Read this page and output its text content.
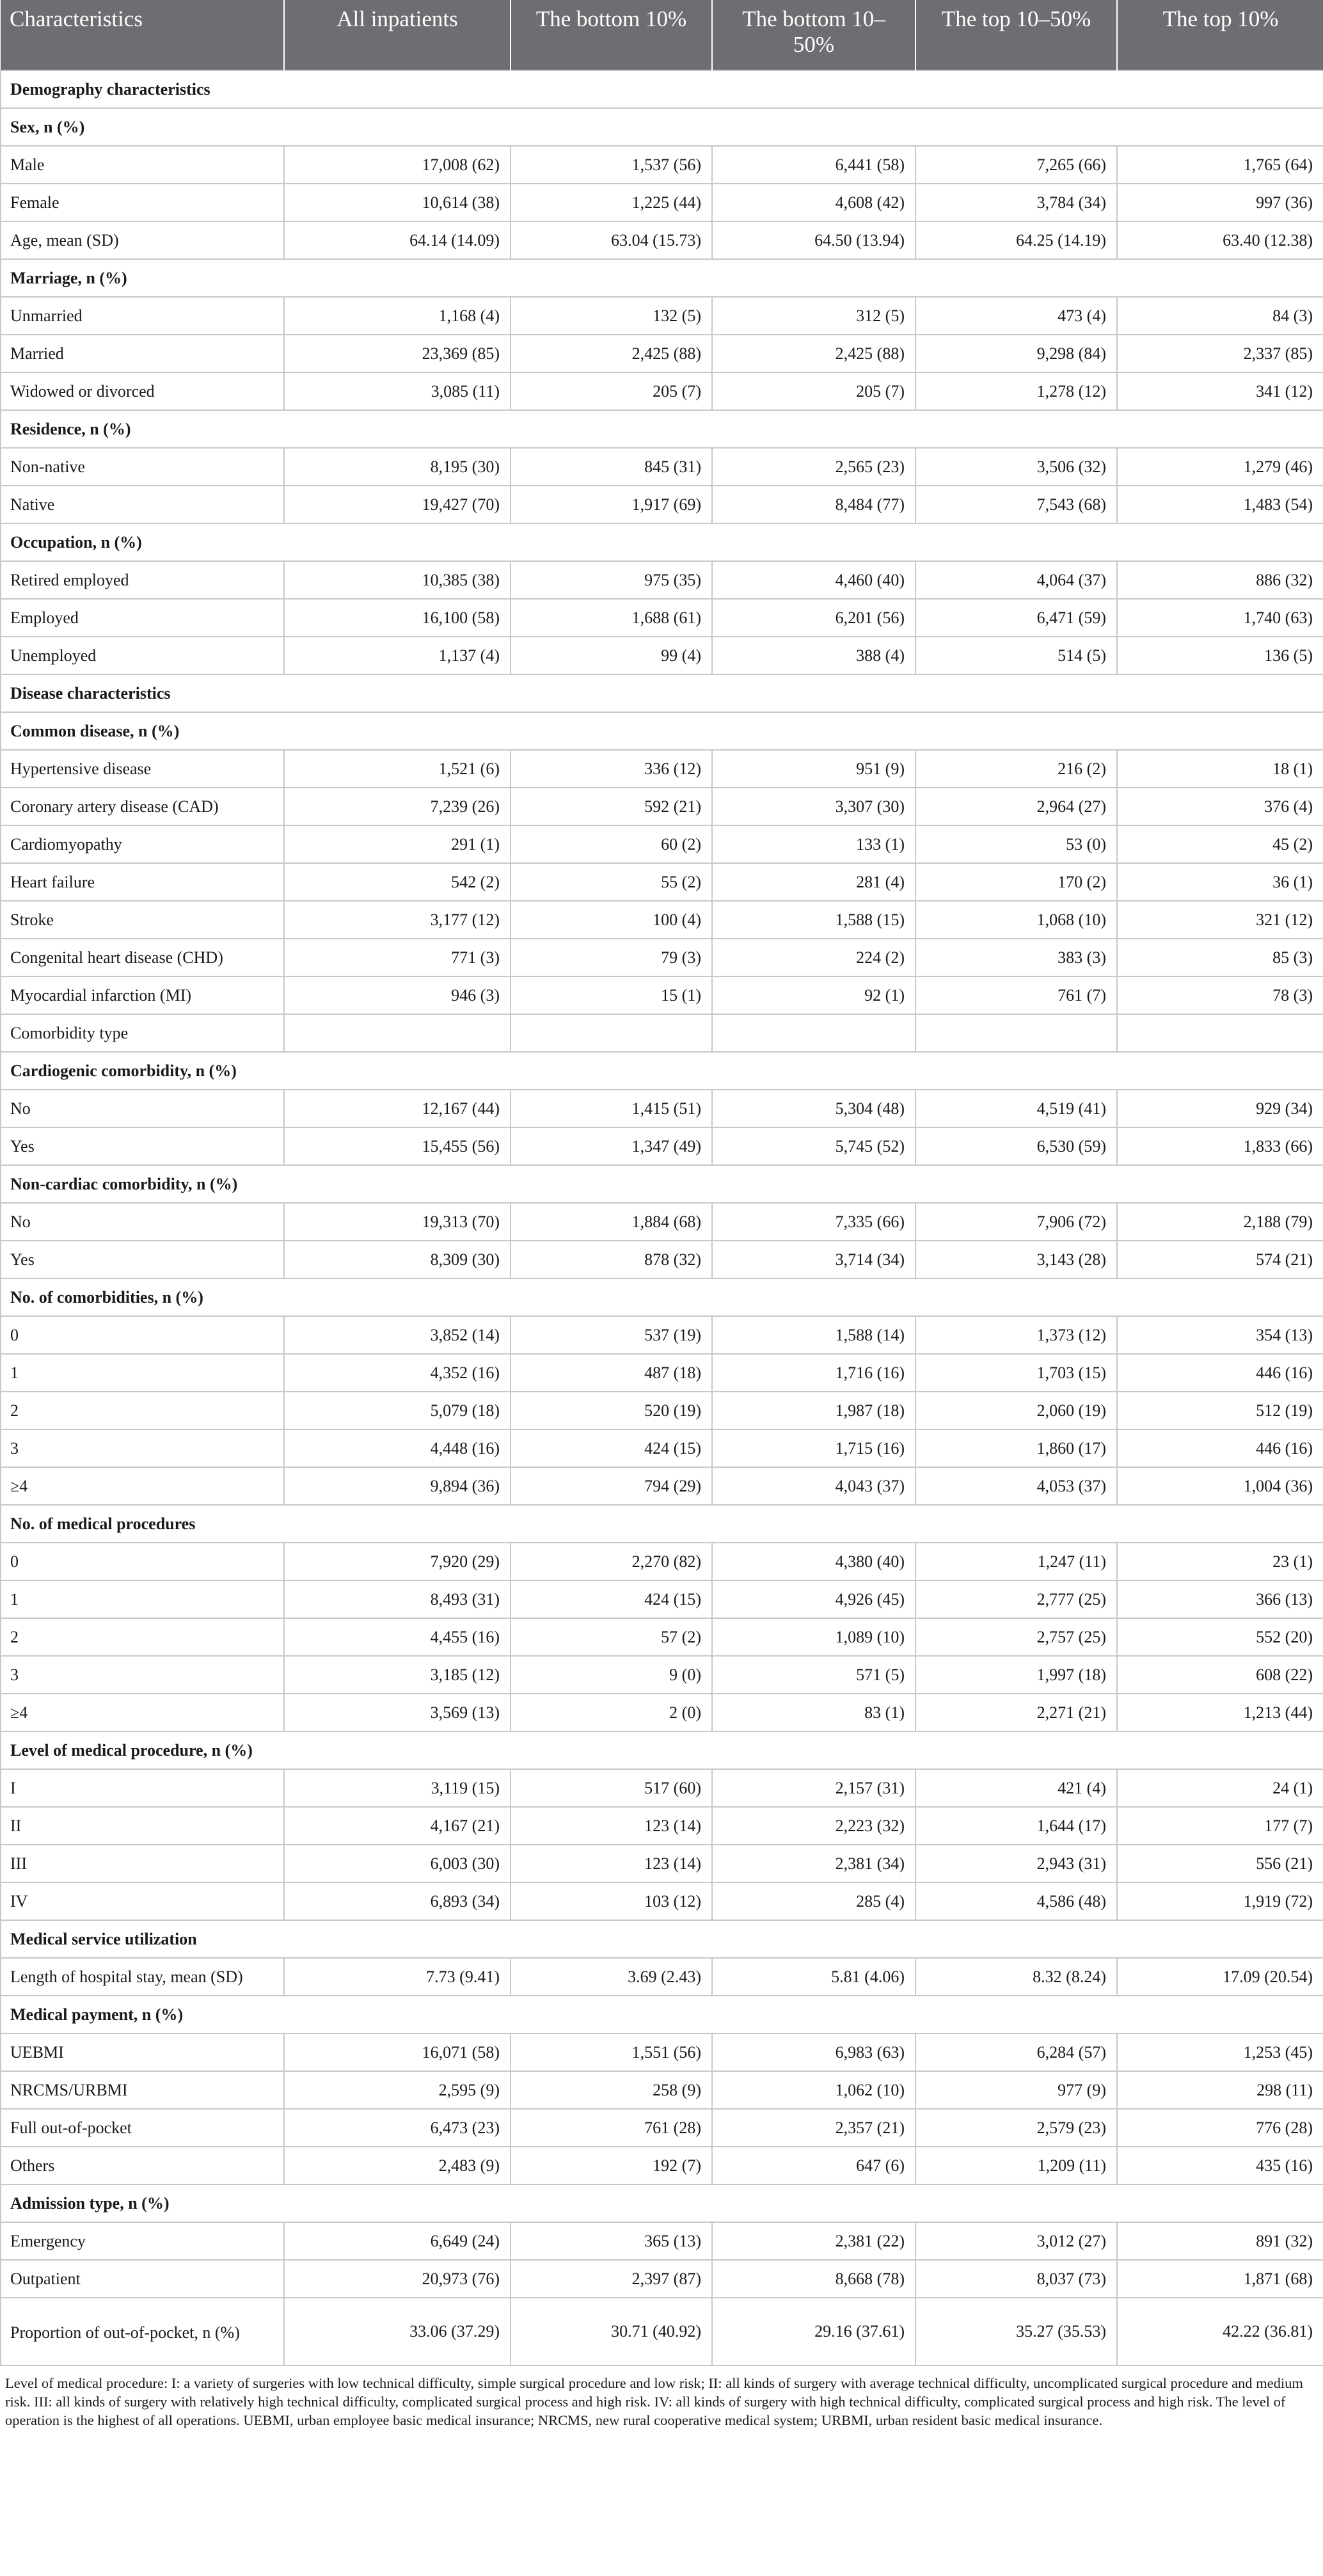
Characteristics	All inpatients	The bottom 10%	The bottom 10–50%	The top 10–50%	The top 10%
Demography characteristics					
Sex, n (%)					
Male	17,008 (62)	1,537 (56)	6,441 (58)	7,265 (66)	1,765 (64)
Female	10,614 (38)	1,225 (44)	4,608 (42)	3,784 (34)	997 (36)
Age, mean (SD)	64.14 (14.09)	63.04 (15.73)	64.50 (13.94)	64.25 (14.19)	63.40 (12.38)
Marriage, n (%)					
Unmarried	1,168 (4)	132 (5)	312 (5)	473 (4)	84 (3)
Married	23,369 (85)	2,425 (88)	2,425 (88)	9,298 (84)	2,337 (85)
Widowed or divorced	3,085 (11)	205 (7)	205 (7)	1,278 (12)	341 (12)
Residence, n (%)					
Non-native	8,195 (30)	845 (31)	2,565 (23)	3,506 (32)	1,279 (46)
Native	19,427 (70)	1,917 (69)	8,484 (77)	7,543 (68)	1,483 (54)
Occupation, n (%)					
Retired employed	10,385 (38)	975 (35)	4,460 (40)	4,064 (37)	886 (32)
Employed	16,100 (58)	1,688 (61)	6,201 (56)	6,471 (59)	1,740 (63)
Unemployed	1,137 (4)	99 (4)	388 (4)	514 (5)	136 (5)
Disease characteristics					
Common disease, n (%)					
Hypertensive disease	1,521 (6)	336 (12)	951 (9)	216 (2)	18 (1)
Coronary artery disease (CAD)	7,239 (26)	592 (21)	3,307 (30)	2,964 (27)	376 (4)
Cardiomyopathy	291 (1)	60 (2)	133 (1)	53 (0)	45 (2)
Heart failure	542 (2)	55 (2)	281 (4)	170 (2)	36 (1)
Stroke	3,177 (12)	100 (4)	1,588 (15)	1,068 (10)	321 (12)
Congenital heart disease (CHD)	771 (3)	79 (3)	224 (2)	383 (3)	85 (3)
Myocardial infarction (MI)	946 (3)	15 (1)	92 (1)	761 (7)	78 (3)
Comorbidity type					
Cardiogenic comorbidity, n (%)					
No	12,167 (44)	1,415 (51)	5,304 (48)	4,519 (41)	929 (34)
Yes	15,455 (56)	1,347 (49)	5,745 (52)	6,530 (59)	1,833 (66)
Non-cardiac comorbidity, n (%)					
No	19,313 (70)	1,884 (68)	7,335 (66)	7,906 (72)	2,188 (79)
Yes	8,309 (30)	878 (32)	3,714 (34)	3,143 (28)	574 (21)
No. of comorbidities, n (%)					
0	3,852 (14)	537 (19)	1,588 (14)	1,373 (12)	354 (13)
1	4,352 (16)	487 (18)	1,716 (16)	1,703 (15)	446 (16)
2	5,079 (18)	520 (19)	1,987 (18)	2,060 (19)	512 (19)
3	4,448 (16)	424 (15)	1,715 (16)	1,860 (17)	446 (16)
≥4	9,894 (36)	794 (29)	4,043 (37)	4,053 (37)	1,004 (36)
No. of medical procedures					
0	7,920 (29)	2,270 (82)	4,380 (40)	1,247 (11)	23 (1)
1	8,493 (31)	424 (15)	4,926 (45)	2,777 (25)	366 (13)
2	4,455 (16)	57 (2)	1,089 (10)	2,757 (25)	552 (20)
3	3,185 (12)	9 (0)	571 (5)	1,997 (18)	608 (22)
≥4	3,569 (13)	2 (0)	83 (1)	2,271 (21)	1,213 (44)
Level of medical procedure, n (%)					
I	3,119 (15)	517 (60)	2,157 (31)	421 (4)	24 (1)
II	4,167 (21)	123 (14)	2,223 (32)	1,644 (17)	177 (7)
III	6,003 (30)	123 (14)	2,381 (34)	2,943 (31)	556 (21)
IV	6,893 (34)	103 (12)	285 (4)	4,586 (48)	1,919 (72)
Medical service utilization					
Length of hospital stay, mean (SD)	7.73 (9.41)	3.69 (2.43)	5.81 (4.06)	8.32 (8.24)	17.09 (20.54)
Medical payment, n (%)					
UEBMI	16,071 (58)	1,551 (56)	6,983 (63)	6,284 (57)	1,253 (45)
NRCMS/URBMI	2,595 (9)	258 (9)	1,062 (10)	977 (9)	298 (11)
Full out-of-pocket	6,473 (23)	761 (28)	2,357 (21)	2,579 (23)	776 (28)
Others	2,483 (9)	192 (7)	647 (6)	1,209 (11)	435 (16)
Admission type, n (%)					
Emergency	6,649 (24)	365 (13)	2,381 (22)	3,012 (27)	891 (32)
Outpatient	20,973 (76)	2,397 (87)	8,668 (78)	8,037 (73)	1,871 (68)
Proportion of out-of-pocket, n (%)	33.06 (37.29)	30.71 (40.92)	29.16 (37.61)	35.27 (35.53)	42.22 (36.81)
Level of medical procedure: I: a variety of surgeries with low technical difficulty, simple surgical procedure and low risk; II: all kinds of surgery with average technical difficulty, uncomplicated surgical procedure and medium risk. III: all kinds of surgery with relatively high technical difficulty, complicated surgical process and high risk. IV: all kinds of surgery with high technical difficulty, complicated surgical process and high risk. The level of operation is the highest of all operations. UEBMI, urban employee basic medical insurance; NRCMS, new rural cooperative medical system; URBMI, urban resident basic medical insurance.
